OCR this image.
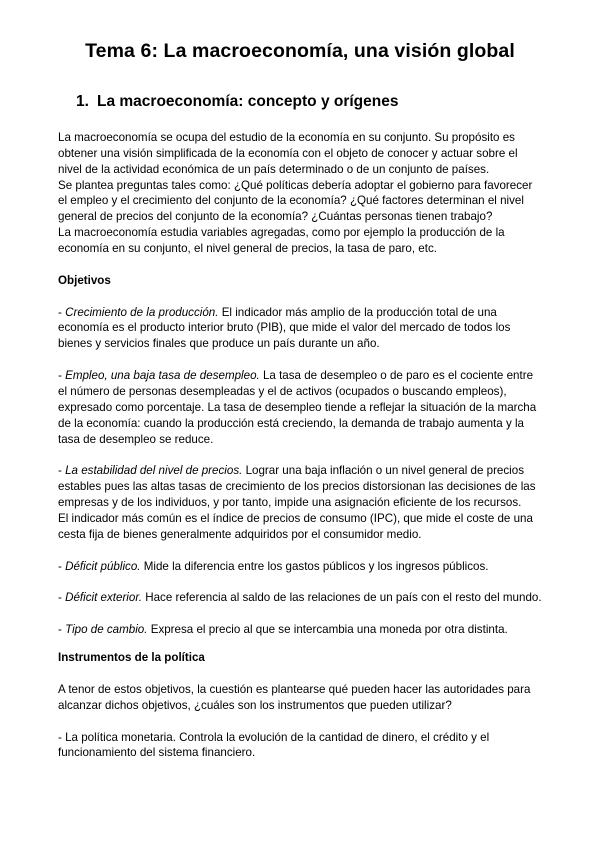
Tema 6: La macroeconomía, una visión global
1. La macroeconomía: concepto y orígenes

La macroeconomía se ocupa del estudio de la economía en su conjunto. Su propósito es obtener una visión simplificada de la economía con el objeto de conocer y actuar sobre el nivel de la actividad económica de un país determinado o de un conjunto de países.

Se plantea preguntas tales como: ¿Qué políticas debería adoptar el gobierno para favorecer el empleo y el crecimiento del conjunto de la economía? ¿Qué factores determinan el nivel general de precios del conjunto de la economía? ¿Cuántas personas tienen trabajo?

La macroeconomía estudia variables agregadas, como por ejemplo la producción de la economía en su conjunto, el nivel general de precios, la tasa de paro, etc.

Objetivos

- Crecimiento de la producción. El indicador más amplio de la producción total de una economía es el producto interior bruto (PIB), que mide el valor del mercado de todos los bienes y servicios finales que produce un país durante un año.

- Empleo, una baja tasa de desempleo. La tasa de desempleo o de paro es el cociente entre el número de personas desempleadas y el de activos (ocupados o buscando empleos), expresado como porcentaje. La tasa de desempleo tiende a reflejar la situación de la marcha de la economía: cuando la producción está creciendo, la demanda de trabajo aumenta y la tasa de desempleo se reduce.

- La estabilidad del nivel de precios. Lograr una baja inflación o un nivel general de precios estables pues las altas tasas de crecimiento de los precios distorsionan las decisiones de las empresas y de los individuos, y por tanto, impide una asignación eficiente de los recursos.

El indicador más común es el índice de precios de consumo (IPC), que mide el coste de una cesta fija de bienes generalmente adquiridos por el consumidor medio.

- Déficit público. Mide la diferencia entre los gastos públicos y los ingresos públicos.

- Déficit exterior. Hace referencia al saldo de las relaciones de un país con el resto del mundo.

- Tipo de cambio. Expresa el precio al que se intercambia una moneda por otra distinta.

Instrumentos de la política

A tenor de estos objetivos, la cuestión es plantearse qué pueden hacer las autoridades para alcanzar dichos objetivos, ¿cuáles son los instrumentos que pueden utilizar?

- La política monetaria. Controla la evolución de la cantidad de dinero, el crédito y el funcionamiento del sistema financiero.
